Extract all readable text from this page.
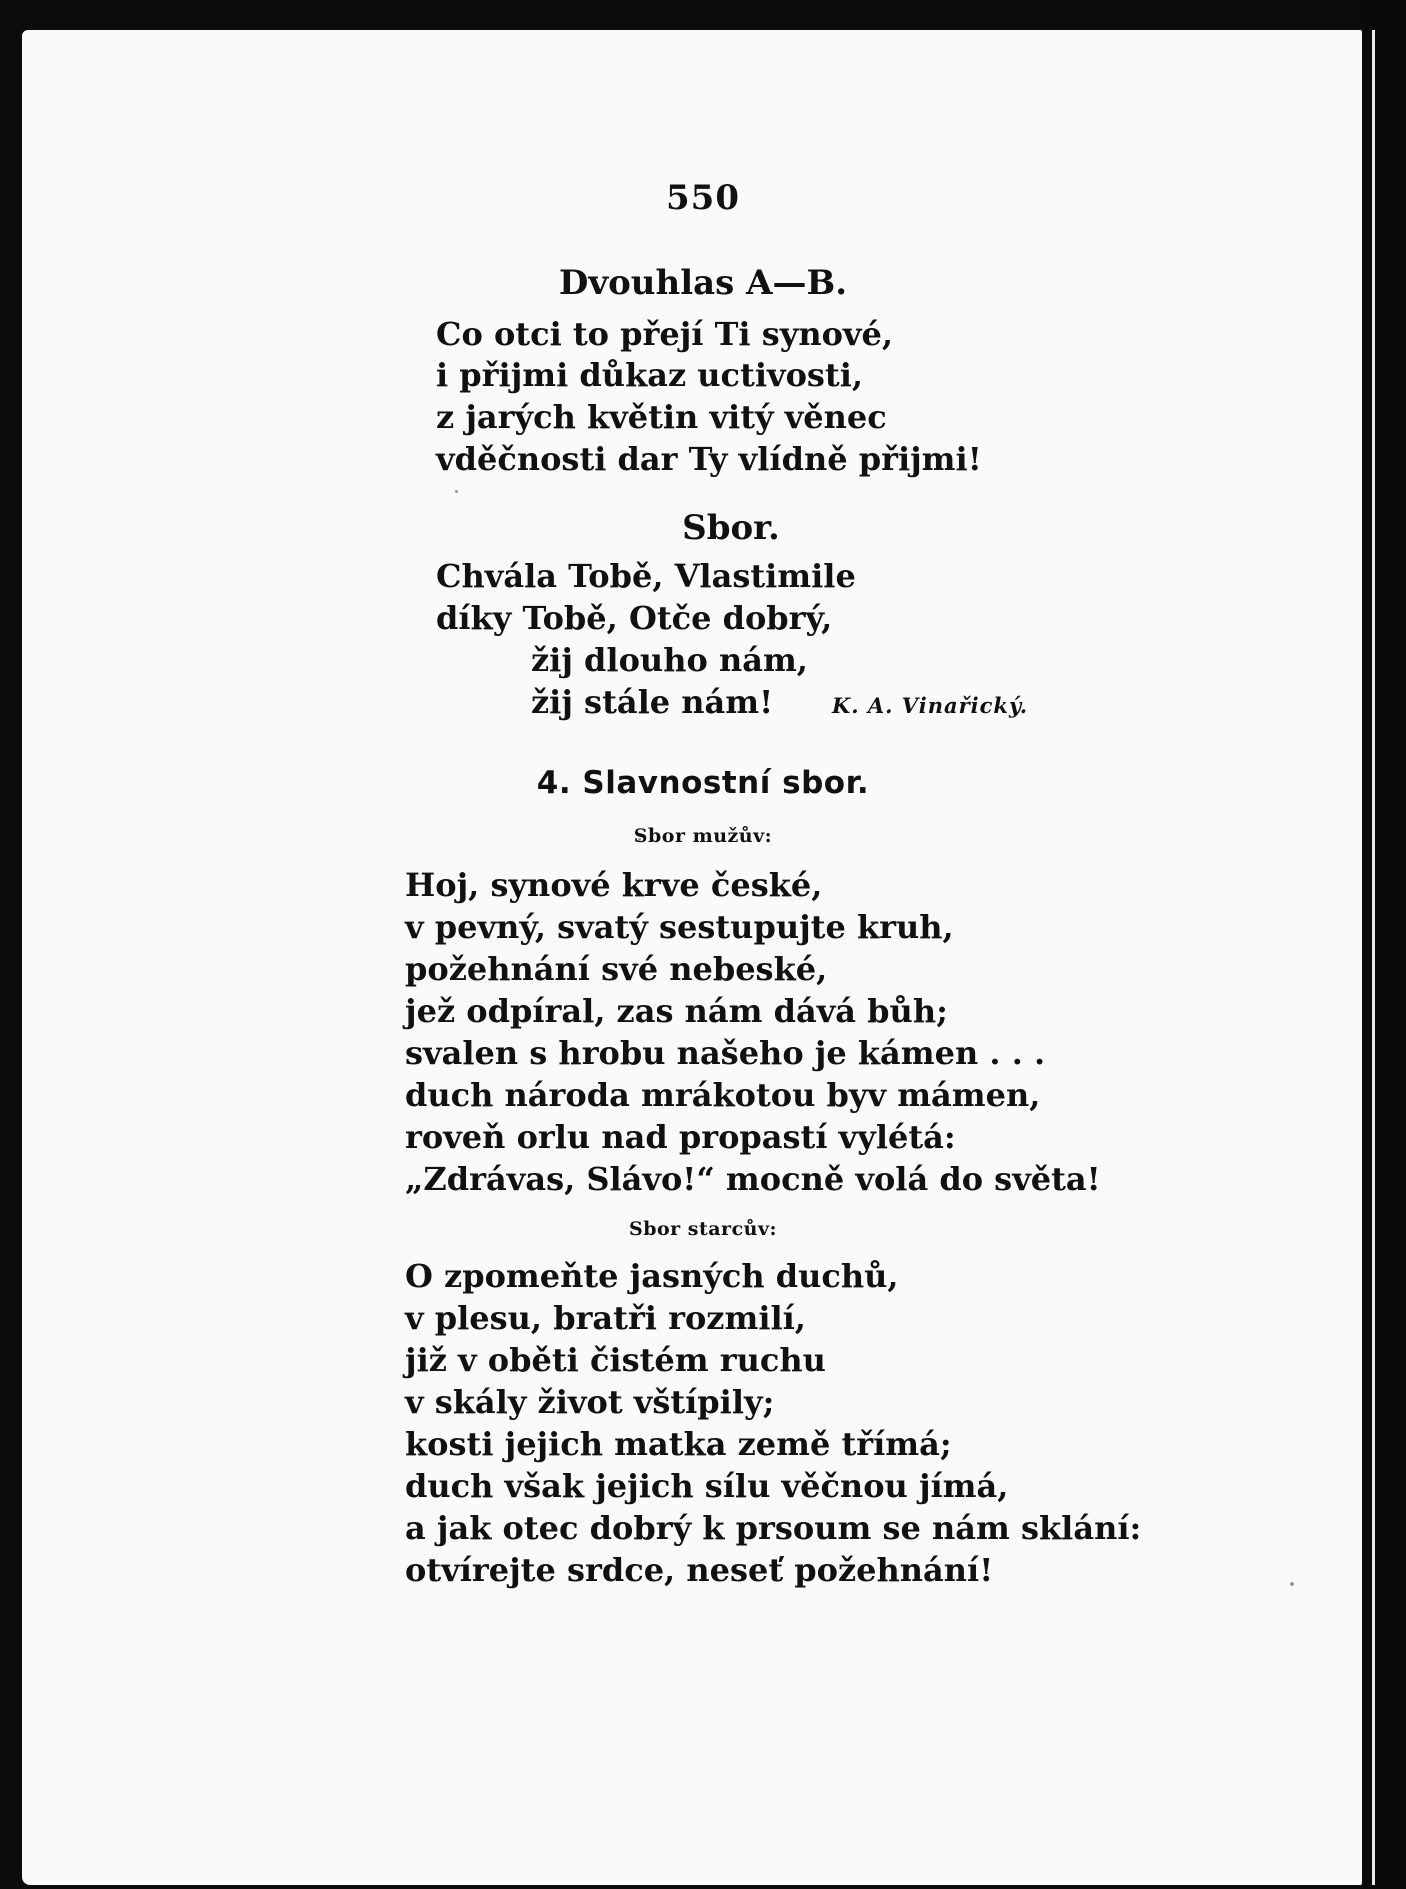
550
Dvouhlas A—B.
Co otci to přejí Ti synové,
i přijmi důkaz uctivosti,
z jarých květin vitý věnec
vděčnosti dar Ty vlídně přijmi!
Sbor.
Chvála Tobě, Vlastimile
díky Tobě, Otče dobrý,
žij dlouho nám,
žij stále nám!	K. A. Vinařický.
4. Slavnostní sbor.
Sbor mužův:
Hoj, synové krve české,
v pevný, svatý sestupujte kruh,
požehnání své nebeské,
jež odpíral, zas nám dává bůh;
svalen s hrobu našeho je kámen . . .
duch národa mrákotou byv mámen,
roveň orlu nad propastí vylétá:
„Zdrávas, Slávo!“ mocně volá do světa!
Sbor starcův:
O zpomeňte jasných duchů,
v plesu, bratři rozmilí,
již v oběti čistém ruchu
v skály život vštípily;
kosti jejich matka země třímá;
duch však jejich sílu věčnou jímá,
a jak otec dobrý k prsoum se nám sklání:
otvírejte srdce, neseť požehnání!
